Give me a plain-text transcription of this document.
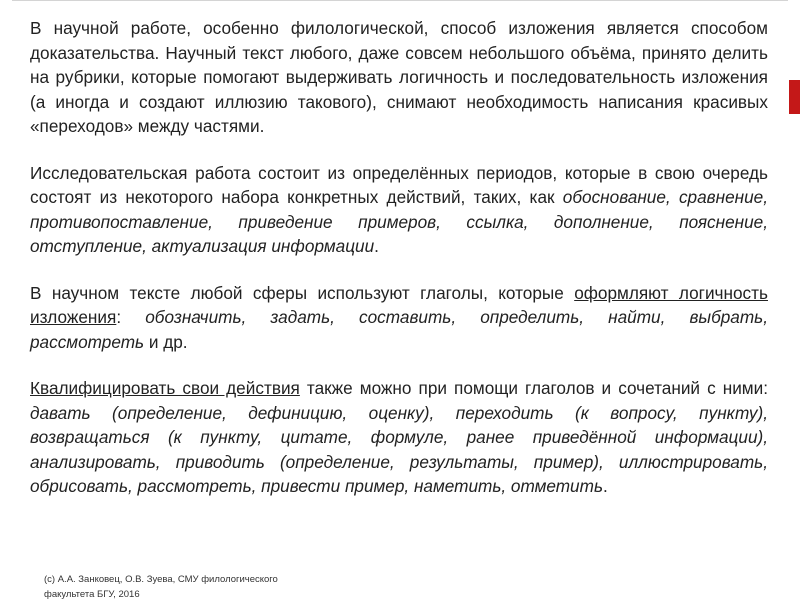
В научной работе, особенно филологической, способ изложения является способом доказательства. Научный текст любого, даже совсем небольшого объёма, принято делить на рубрики, которые помогают выдерживать логичность и последовательность изложения (а иногда и создают иллюзию такового), снимают необходимость написания красивых «переходов» между частями.

Исследовательская работа состоит из определённых периодов, которые в свою очередь состоят из некоторого набора конкретных действий, таких, как обоснование, сравнение, противопоставление, приведение примеров, ссылка, дополнение, пояснение, отступление, актуализация информации.

В научном тексте любой сферы используют глаголы, которые оформляют логичность изложения: обозначить, задать, составить, определить, найти, выбрать, рассмотреть и др.

Квалифицировать свои действия также можно при помощи глаголов и сочетаний с ними: давать (определение, дефиницию, оценку), переходить (к вопросу, пункту), возвращаться (к пункту, цитате, формуле, ранее приведённой информации), анализировать, приводить (определение, результаты, пример), иллюстрировать, обрисовать, рассмотреть, привести пример, наметить, отметить.

(с) А.А. Занковец, О.В. Зуева, СМУ филологического
факультета БГУ, 2016
